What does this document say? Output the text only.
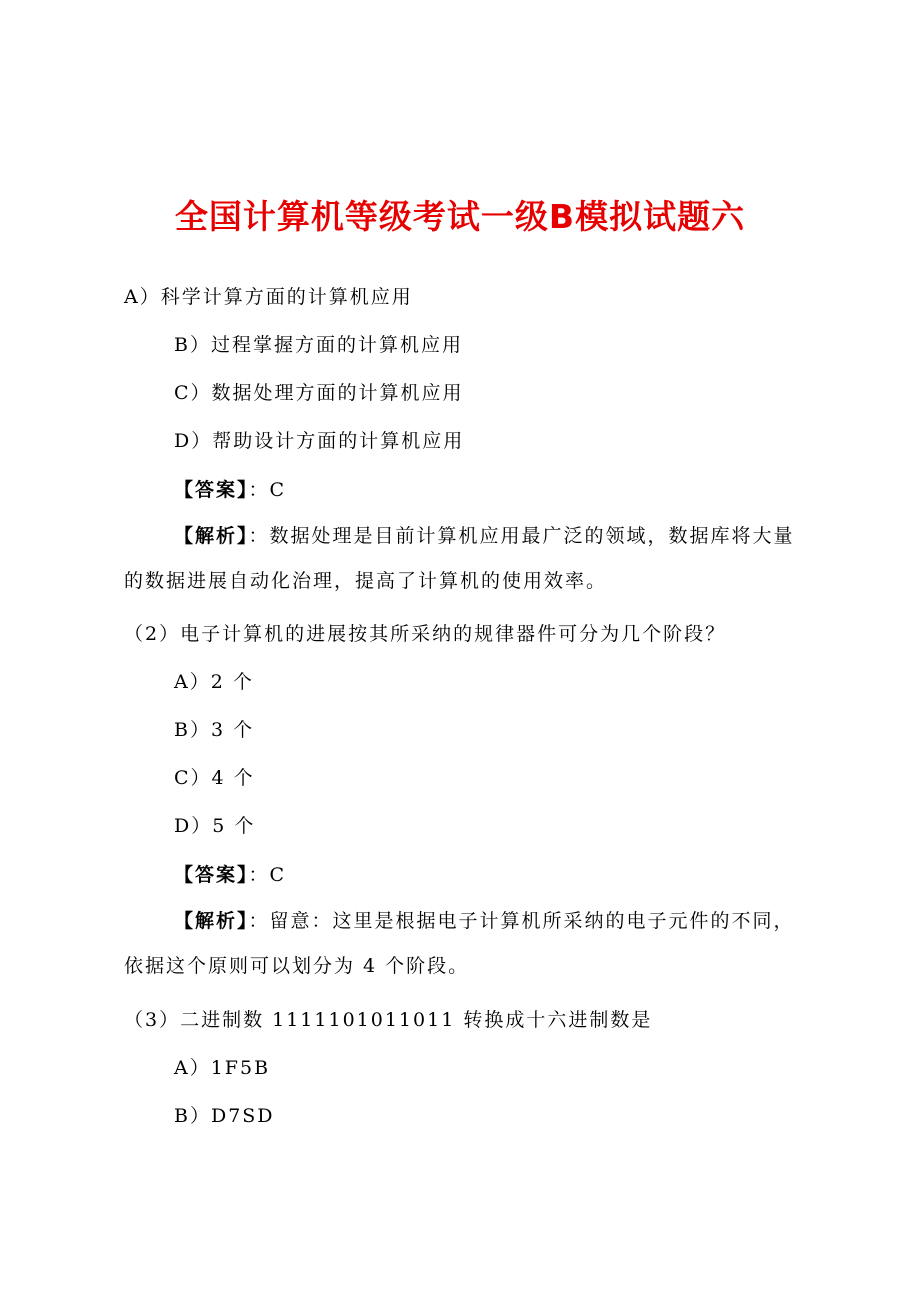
全国计算机等级考试一级B模拟试题六
A）科学计算方面的计算机应用
B）过程掌握方面的计算机应用
C）数据处理方面的计算机应用
D）帮助设计方面的计算机应用
【答案】：C
【解析】：数据处理是目前计算机应用最广泛的领域，数据库将大量的数据进展自动化治理，提高了计算机的使用效率。
（2）电子计算机的进展按其所采纳的规律器件可分为几个阶段？
A）2 个
B）3 个
C）4 个
D）5 个
【答案】：C
【解析】：留意：这里是根据电子计算机所采纳的电子元件的不同，依据这个原则可以划分为 4 个阶段。
（3）二进制数 1111101011011 转换成十六进制数是
A）1F5B
B）D7SD
